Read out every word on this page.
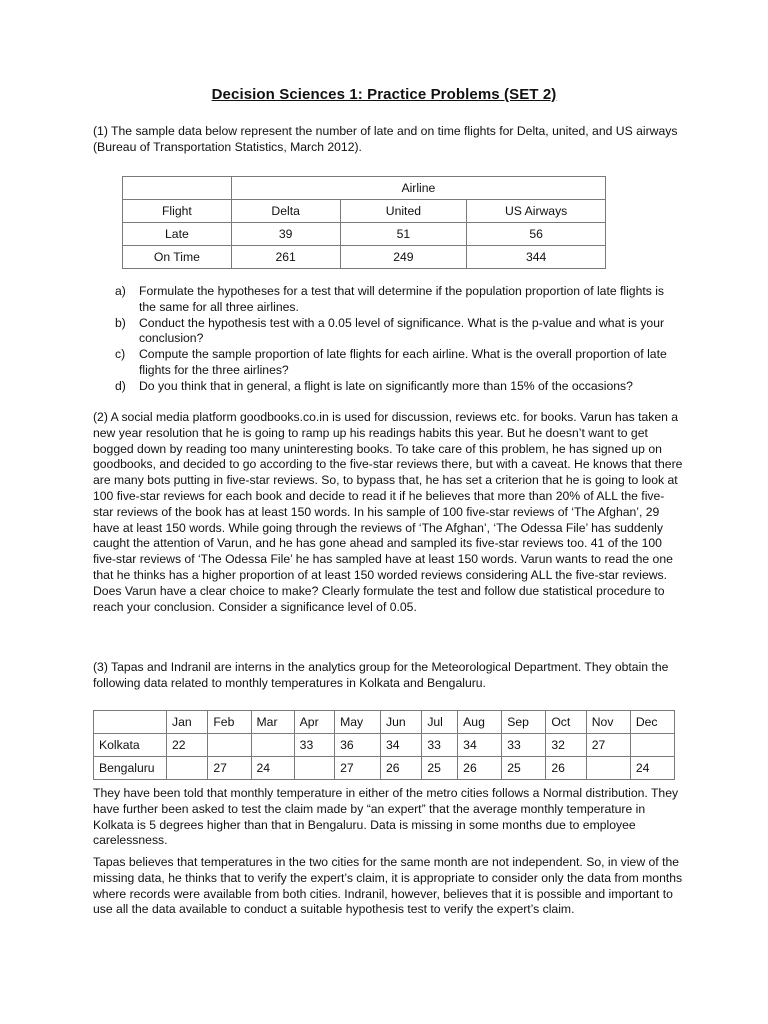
Decision Sciences 1: Practice Problems (SET 2)
(1) The sample data below represent the number of late and on time flights for Delta, united, and US airways (Bureau of Transportation Statistics, March 2012).
	Airline		
Flight	Delta	United	US Airways
Late	39	51	56
On Time	261	249	344
a)	Formulate the hypotheses for a test that will determine if the population proportion of late flights is the same for all three airlines.
b)	Conduct the hypothesis test with a 0.05 level of significance. What is the p-value and what is your conclusion?
c)	Compute the sample proportion of late flights for each airline. What is the overall proportion of late flights for the three airlines?
d)	Do you think that in general, a flight is late on significantly more than 15% of the occasions?
(2) A social media platform goodbooks.co.in is used for discussion, reviews etc. for books. Varun has taken a new year resolution that he is going to ramp up his readings habits this year. But he doesn’t want to get bogged down by reading too many uninteresting books. To take care of this problem, he has signed up on goodbooks, and decided to go according to the five-star reviews there, but with a caveat. He knows that there are many bots putting in five-star reviews. So, to bypass that, he has set a criterion that he is going to look at 100 five-star reviews for each book and decide to read it if he believes that more than 20% of ALL the five-star reviews of the book has at least 150 words. In his sample of 100 five-star reviews of ‘The Afghan’, 29 have at least 150 words. While going through the reviews of ‘The Afghan’, ‘The Odessa File’ has suddenly caught the attention of Varun, and he has gone ahead and sampled its five-star reviews too. 41 of the 100 five-star reviews of ‘The Odessa File’ he has sampled have at least 150 words. Varun wants to read the one that he thinks has a higher proportion of at least 150 worded reviews considering ALL the five-star reviews. Does Varun have a clear choice to make? Clearly formulate the test and follow due statistical procedure to reach your conclusion. Consider a significance level of 0.05.
(3) Tapas and Indranil are interns in the analytics group for the Meteorological Department. They obtain the following data related to monthly temperatures in Kolkata and Bengaluru.
	Jan	Feb	Mar	Apr	May	Jun	Jul	Aug	Sep	Oct	Nov	Dec
Kolkata	22			33	36	34	33	34	33	32	27	
Bengaluru		27	24		27	26	25	26	25	26		24
They have been told that monthly temperature in either of the metro cities follows a Normal distribution. They have further been asked to test the claim made by “an expert” that the average monthly temperature in Kolkata is 5 degrees higher than that in Bengaluru. Data is missing in some months due to employee carelessness.
Tapas believes that temperatures in the two cities for the same month are not independent. So, in view of the missing data, he thinks that to verify the expert’s claim, it is appropriate to consider only the data from months where records were available from both cities. Indranil, however, believes that it is possible and important to use all the data available to conduct a suitable hypothesis test to verify the expert’s claim.
